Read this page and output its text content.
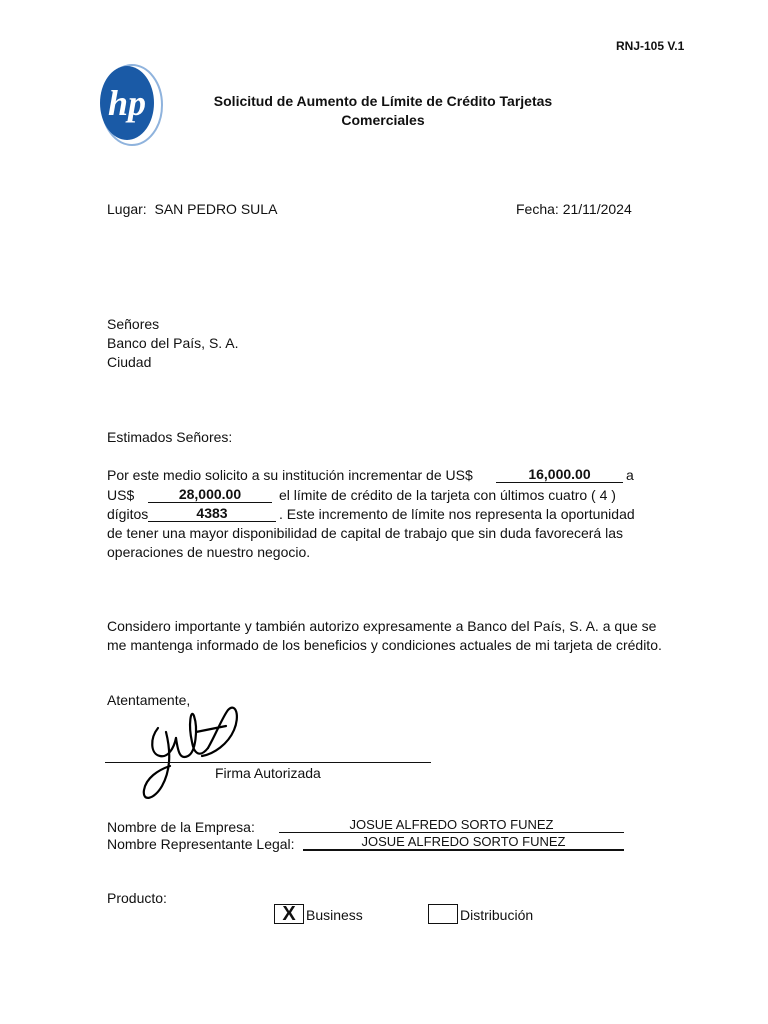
RNJ-105 V.1
hp	Solicitud de Aumento de Límite de Crédito Tarjetas
Comerciales
Lugar: SAN PEDRO SULA	Fecha: 21/11/2024
Señores
Banco del País, S. A.
Ciudad
Estimados Señores:
Por este medio solicito a su institución incrementar de US$	16,000.00	a
US$	28,000.00	el límite de crédito de la tarjeta con últimos cuatro ( 4 )
dígitos	4383	. Este incremento de límite nos representa la oportunidad
de tener una mayor disponibilidad de capital de trabajo que sin duda favorecerá las
operaciones de nuestro negocio.
Considero importante y también autorizo expresamente a Banco del País, S. A. a que se
me mantenga informado de los beneficios y condiciones actuales de mi tarjeta de crédito.
Atentamente,
Firma Autorizada
Nombre de la Empresa:	JOSUE ALFREDO SORTO FUNEZ
Nombre Representante Legal:	JOSUE ALFREDO SORTO FUNEZ
Producto:
X Business	Distribución
